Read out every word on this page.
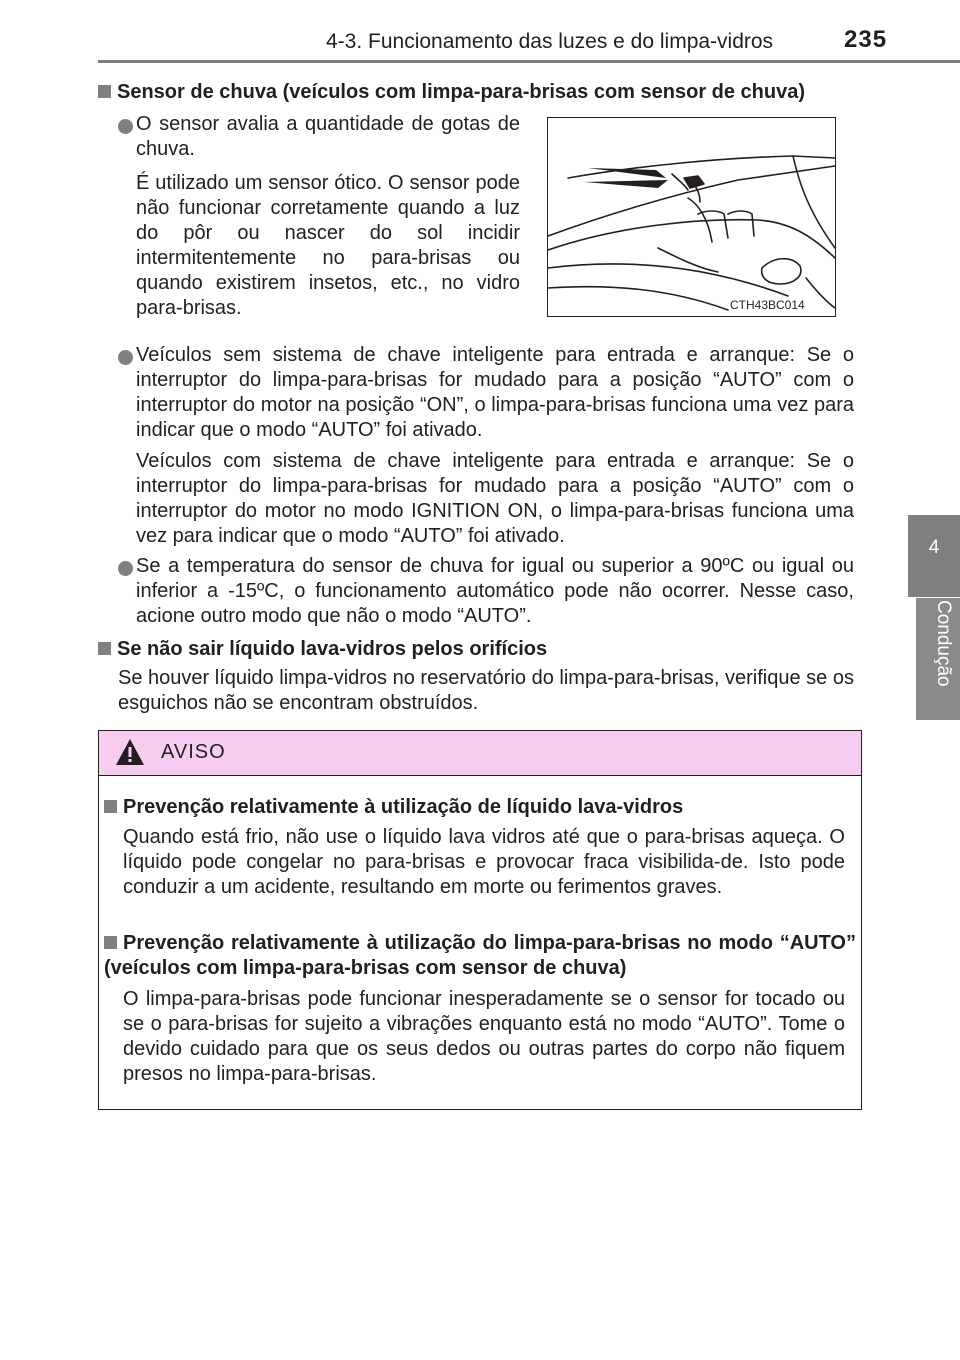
4-3. Funcionamento das luzes e do limpa-vidros	235
4
Condução
Sensor de chuva (veículos com limpa-para-brisas com sensor de chuva)
O sensor avalia a quantidade de gotas de chuva.
É utilizado um sensor ótico. O sensor pode não funcionar corretamente quando a luz do pôr ou nascer do sol incidir intermitentemente no para-brisas ou quando existirem insetos, etc., no vidro para-brisas.	CTH43BC014
Veículos sem sistema de chave inteligente para entrada e arranque: Se o interruptor do limpa-para-brisas for mudado para a posição “AUTO” com o interruptor do motor na posição “ON”, o limpa-para-brisas funciona uma vez para indicar que o modo “AUTO” foi ativado.
Veículos com sistema de chave inteligente para entrada e arranque: Se o interruptor do limpa-para-brisas for mudado para a posição “AUTO” com o interruptor do motor no modo IGNITION ON, o limpa-para-brisas funciona uma vez para indicar que o modo “AUTO” foi ativado.
Se a temperatura do sensor de chuva for igual ou superior a 90ºC ou igual ou inferior a -15ºC, o funcionamento automático pode não ocorrer. Nesse caso, acione outro modo que não o modo “AUTO”.
Se não sair líquido lava-vidros pelos orifícios
Se houver líquido limpa-vidros no reservatório do limpa-para-brisas, verifique se os esguichos não se encontram obstruídos.
AVISO
Prevenção relativamente à utilização de líquido lava-vidros
Quando está frio, não use o líquido lava vidros até que o para-brisas aqueça. O líquido pode congelar no para-brisas e provocar fraca visibilida-de. Isto pode conduzir a um acidente, resultando em morte ou ferimentos graves.
Prevenção relativamente à utilização do limpa-para-brisas no modo “AUTO” (veículos com limpa-para-brisas com sensor de chuva)
O limpa-para-brisas pode funcionar inesperadamente se o sensor for tocado ou se o para-brisas for sujeito a vibrações enquanto está no modo “AUTO”. Tome o devido cuidado para que os seus dedos ou outras partes do corpo não fiquem presos no limpa-para-brisas.
